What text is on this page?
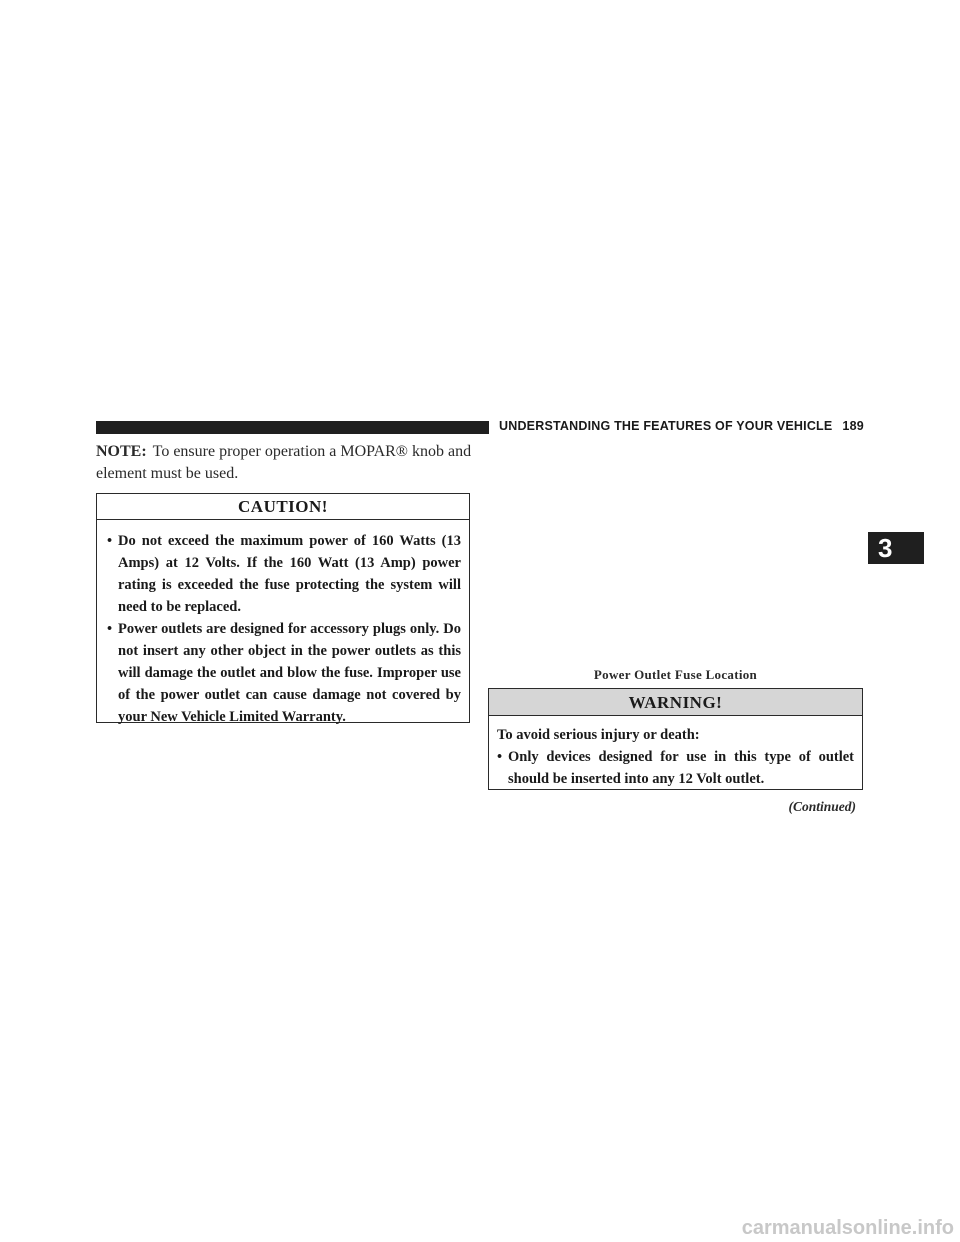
UNDERSTANDING THE FEATURES OF YOUR VEHICLE 189
NOTE: To ensure proper operation a MOPAR® knob and element must be used.
CAUTION!
• Do not exceed the maximum power of 160 Watts (13 Amps) at 12 Volts. If the 160 Watt (13 Amp) power rating is exceeded the fuse protecting the system will need to be replaced.
• Power outlets are designed for accessory plugs only. Do not insert any other object in the power outlets as this will damage the outlet and blow the fuse. Improper use of the power outlet can cause damage not covered by your New Vehicle Limited Warranty.
Power Outlet Fuse Location
WARNING!
To avoid serious injury or death:
• Only devices designed for use in this type of outlet should be inserted into any 12 Volt outlet.
(Continued)
3
carmanualsonline.info
